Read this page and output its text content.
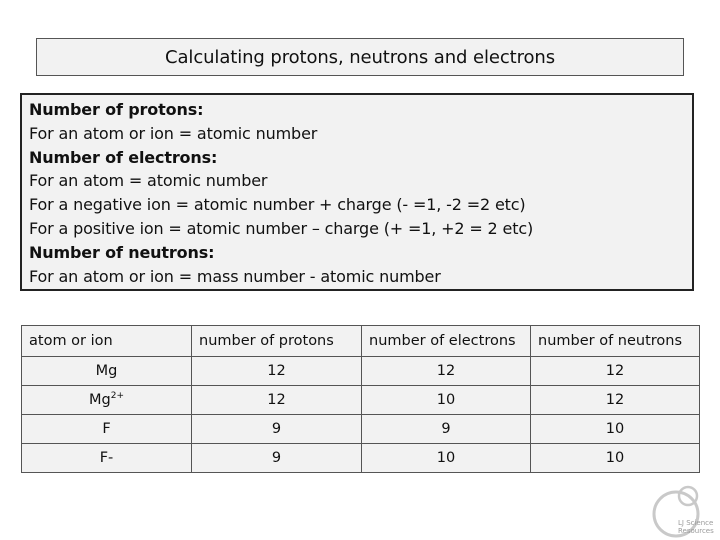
Calculating protons, neutrons and electrons
Number of protons:
For an atom or ion = atomic number
Number of electrons:
For an atom = atomic number
For a negative ion = atomic number + charge (- =1, -2 =2 etc)
For a positive ion = atomic number – charge (+ =1, +2 = 2 etc)
Number of neutrons:
For an atom or ion = mass number - atomic number
atom or ion	number of protons	number of electrons	number of neutrons
Mg	12	12	12
$Mg^{2+}$	12	10	12
F	9	9	10
F-	9	10	10
LJ Science
Resources
